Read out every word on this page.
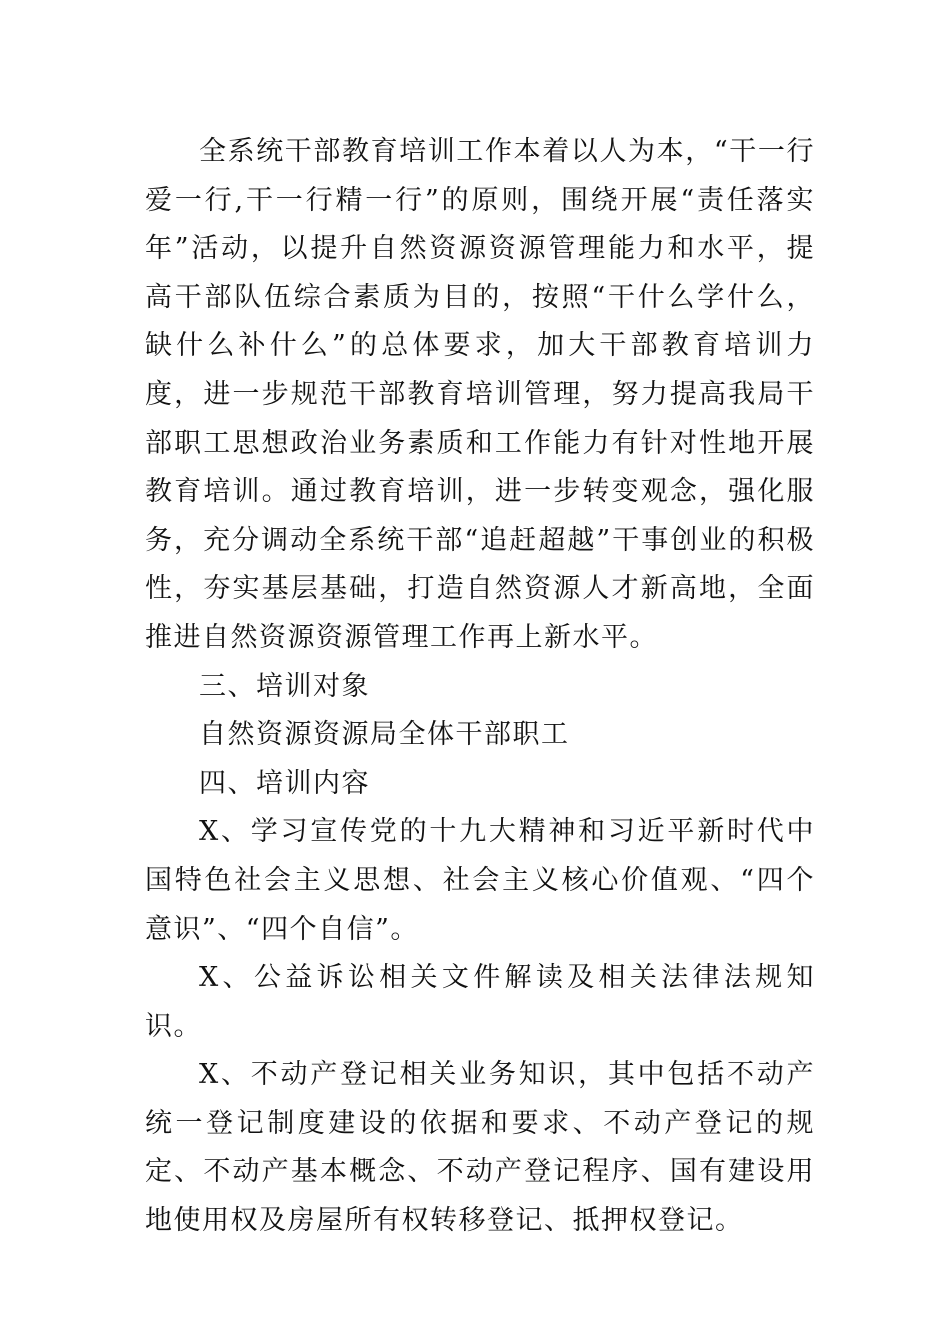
全系统干部教育培训工作本着以人为本，“干一行爱一行,干一行精一行”的原则，围绕开展“责任落实年”活动，以提升自然资源资源管理能力和水平，提高干部队伍综合素质为目的，按照“干什么学什么，缺什么补什么”的总体要求，加大干部教育培训力度，进一步规范干部教育培训管理，努力提高我局干部职工思想政治业务素质和工作能力有针对性地开展教育培训。通过教育培训，进一步转变观念，强化服务，充分调动全系统干部“追赶超越”干事创业的积极性，夯实基层基础，打造自然资源人才新高地，全面推进自然资源资源管理工作再上新水平。

三、培训对象

自然资源资源局全体干部职工

四、培训内容

X、学习宣传党的十九大精神和习近平新时代中国特色社会主义思想、社会主义核心价值观、“四个意识”、“四个自信”。

X、公益诉讼相关文件解读及相关法律法规知识。

X、不动产登记相关业务知识，其中包括不动产统一登记制度建设的依据和要求、不动产登记的规定、不动产基本概念、不动产登记程序、国有建设用地使用权及房屋所有权转移登记、抵押权登记。
